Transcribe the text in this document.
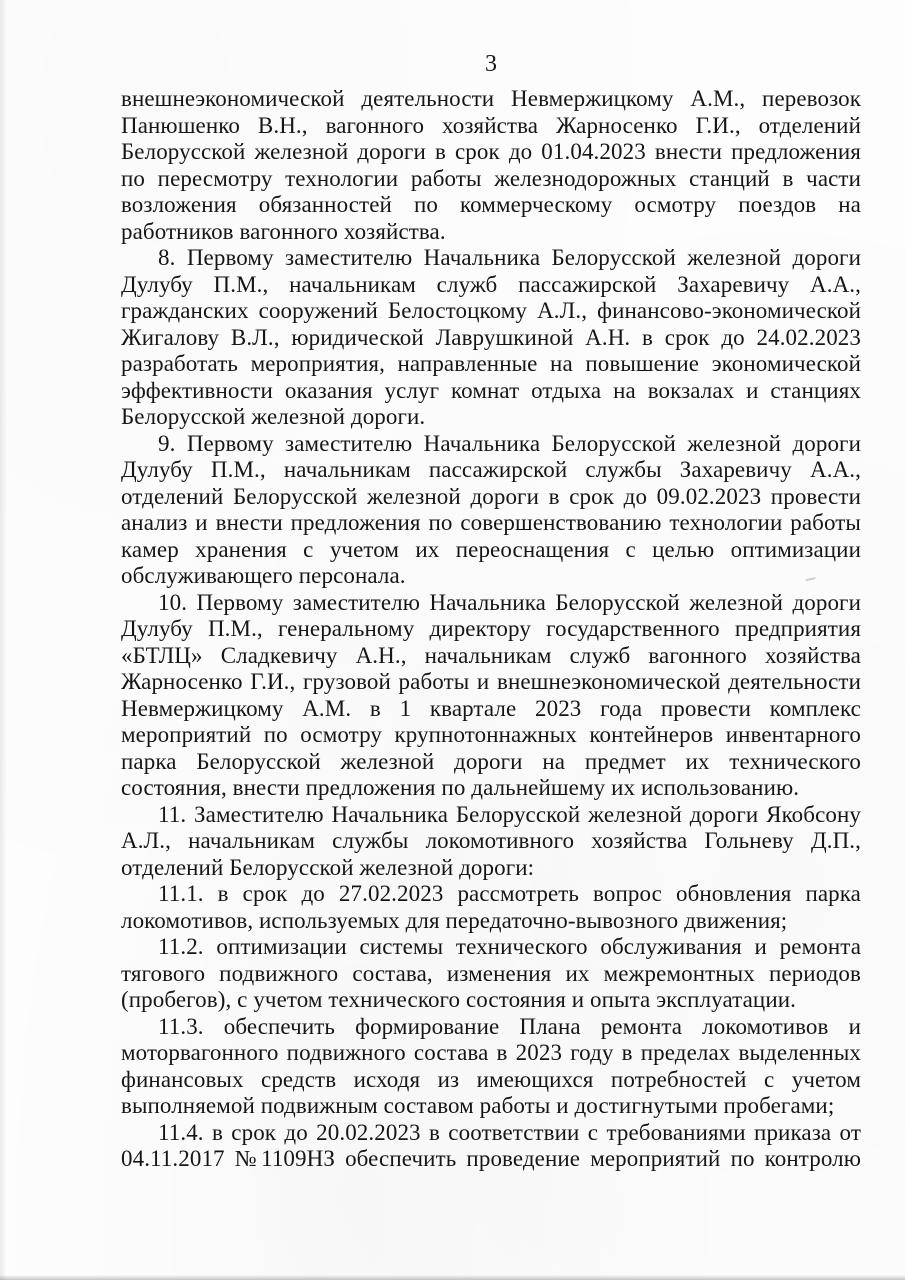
3

внешнеэкономической деятельности Невмержицкому А.М., перевозок Панюшенко В.Н., вагонного хозяйства Жарносенко Г.И., отделений Белорусской железной дороги в срок до 01.04.2023 внести предложения по пересмотру технологии работы железнодорожных станций в части возложения обязанностей по коммерческому осмотру поездов на работников вагонного хозяйства.

8. Первому заместителю Начальника Белорусской железной дороги Дулубу П.М., начальникам служб пассажирской Захаревичу А.А., гражданских сооружений Белостоцкому А.Л., финансово-экономической Жигалову В.Л., юридической Лаврушкиной А.Н. в срок до 24.02.2023 разработать мероприятия, направленные на повышение экономической эффективности оказания услуг комнат отдыха на вокзалах и станциях Белорусской железной дороги.

9. Первому заместителю Начальника Белорусской железной дороги Дулубу П.М., начальникам пассажирской службы Захаревичу А.А., отделений Белорусской железной дороги в срок до 09.02.2023 провести анализ и внести предложения по совершенствованию технологии работы камер хранения с учетом их переоснащения с целью оптимизации обслуживающего персонала.

10. Первому заместителю Начальника Белорусской железной дороги Дулубу П.М., генеральному директору государственного предприятия «БТЛЦ» Сладкевичу А.Н., начальникам служб вагонного хозяйства Жарносенко Г.И., грузовой работы и внешнеэкономической деятельности Невмержицкому А.М. в 1 квартале 2023 года провести комплекс мероприятий по осмотру крупнотоннажных контейнеров инвентарного парка Белорусской железной дороги на предмет их технического состояния, внести предложения по дальнейшему их использованию.

11. Заместителю Начальника Белорусской железной дороги Якобсону А.Л., начальникам службы локомотивного хозяйства Гольневу Д.П., отделений Белорусской железной дороги:

11.1. в срок до 27.02.2023 рассмотреть вопрос обновления парка локомотивов, используемых для передаточно-вывозного движения;

11.2. оптимизации системы технического обслуживания и ремонта тягового подвижного состава, изменения их межремонтных периодов (пробегов), с учетом технического состояния и опыта эксплуатации.

11.3. обеспечить формирование Плана ремонта локомотивов и моторвагонного подвижного состава в 2023 году в пределах выделенных финансовых средств исходя из имеющихся потребностей с учетом выполняемой подвижным составом работы и достигнутыми пробегами;

11.4. в срок до 20.02.2023 в соответствии с требованиями приказа от 04.11.2017 №1109НЗ обеспечить проведение мероприятий по контролю
